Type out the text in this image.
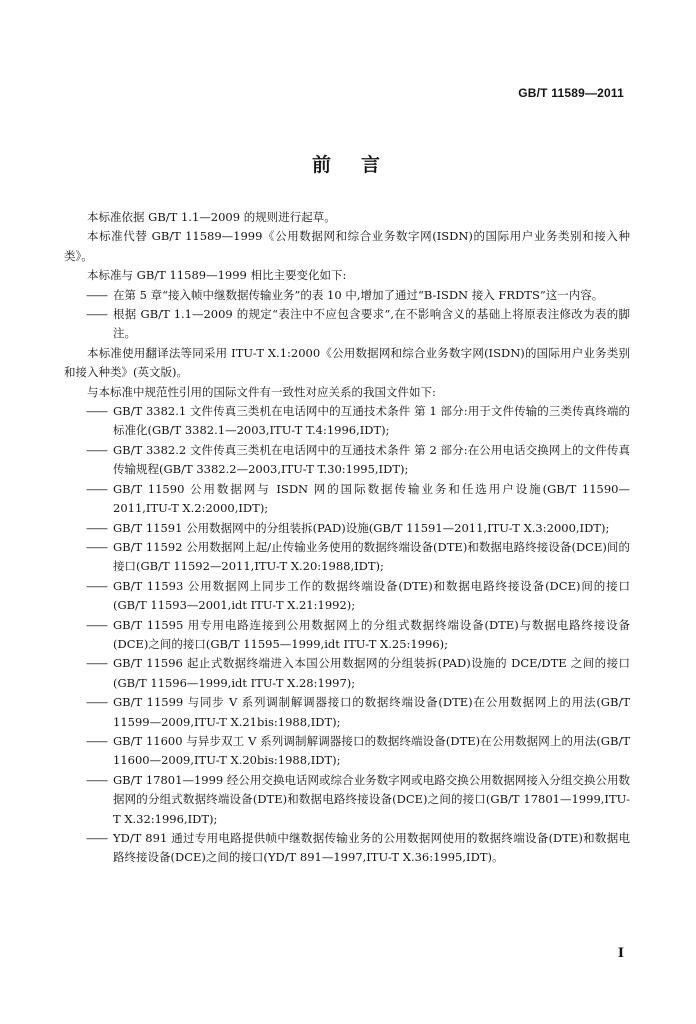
GB/T 11589—2011
前言

本标准依据 GB/T 1.1—2009 的规则进行起草。

本标准代替 GB/T 11589—1999《公用数据网和综合业务数字网(ISDN)的国际用户业务类别和接入种类》。

本标准与 GB/T 11589—1999 相比主要变化如下:

—— 在第 5 章“接入帧中继数据传输业务”的表 10 中,增加了通过“B-ISDN 接入 FRDTS”这一内容。

—— 根据 GB/T 1.1—2009 的规定“表注中不应包含要求”,在不影响含义的基础上将原表注修改为表的脚注。

本标准使用翻译法等同采用 ITU-T X.1:2000《公用数据网和综合业务数字网(ISDN)的国际用户业务类别和接入种类》(英文版)。

与本标准中规范性引用的国际文件有一致性对应关系的我国文件如下:

—— GB/T 3382.1 文件传真三类机在电话网中的互通技术条件 第 1 部分:用于文件传输的三类传真终端的标准化(GB/T 3382.1—2003,ITU-T T.4:1996,IDT);

—— GB/T 3382.2 文件传真三类机在电话网中的互通技术条件 第 2 部分:在公用电话交换网上的文件传真传输规程(GB/T 3382.2—2003,ITU-T T.30:1995,IDT);

—— GB/T 11590 公用数据网与 ISDN 网的国际数据传输业务和任选用户设施(GB/T 11590—2011,ITU-T X.2:2000,IDT);

—— GB/T 11591 公用数据网中的分组装拆(PAD)设施(GB/T 11591—2011,ITU-T X.3:2000,IDT);

—— GB/T 11592 公用数据网上起/止传输业务使用的数据终端设备(DTE)和数据电路终接设备(DCE)间的接口(GB/T 11592—2011,ITU-T X.20:1988,IDT);

—— GB/T 11593 公用数据网上同步工作的数据终端设备(DTE)和数据电路终接设备(DCE)间的接口(GB/T 11593—2001,idt ITU-T X.21:1992);

—— GB/T 11595 用专用电路连接到公用数据网上的分组式数据终端设备(DTE)与数据电路终接设备(DCE)之间的接口(GB/T 11595—1999,idt ITU-T X.25:1996);

—— GB/T 11596 起止式数据终端进入本国公用数据网的分组装拆(PAD)设施的 DCE/DTE 之间的接口(GB/T 11596—1999,idt ITU-T X.28:1997);

—— GB/T 11599 与同步 V 系列调制解调器接口的数据终端设备(DTE)在公用数据网上的用法(GB/T 11599—2009,ITU-T X.21bis:1988,IDT);

—— GB/T 11600 与异步双工 V 系列调制解调器接口的数据终端设备(DTE)在公用数据网上的用法(GB/T 11600—2009,ITU-T X.20bis:1988,IDT);

—— GB/T 17801—1999 经公用交换电话网或综合业务数字网或电路交换公用数据网接入分组交换公用数据网的分组式数据终端设备(DTE)和数据电路终接设备(DCE)之间的接口(GB/T 17801—1999,ITU-T X.32:1996,IDT);

—— YD/T 891 通过专用电路提供帧中继数据传输业务的公用数据网使用的数据终端设备(DTE)和数据电路终接设备(DCE)之间的接口(YD/T 891—1997,ITU-T X.36:1995,IDT)。

I
